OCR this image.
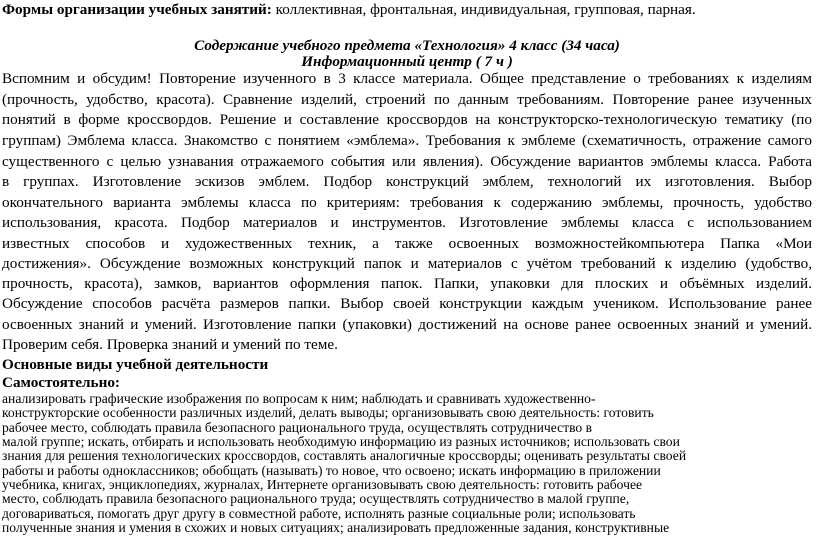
Формы организации учебных занятий: коллективная, фронтальная, индивидуальная, групповая, парная.
Содержание учебного предмета «Технология» 4 класс (34 часа)
Информационный центр ( 7 ч )
Вспомним и обсудим! Повторение изученного в 3 классе материала. Общее представление о требованиях к изделиям
(прочность, удобство, красота). Сравнение изделий, строений по данным требованиям. Повторение ранее изученных
понятий в форме кроссвордов. Решение и составление кроссвордов на конструкторско-технологическую тематику (по
группам) Эмблема класса. Знакомство с понятием «эмблема». Требования к эмблеме (схематичность, отражение самого
существенного с целью узнавания отражаемого события или явления). Обсуждение вариантов эмблемы класса. Работа
в группах. Изготовление эскизов эмблем. Подбор конструкций эмблем, технологий их изготовления. Выбор
окончательного варианта эмблемы класса по критериям: требования к содержанию эмблемы, прочность, удобство
использования, красота. Подбор материалов и инструментов. Изготовление эмблемы класса с использованием
известных способов и художественных техник, а также освоенных возможностейкомпьютера Папка «Мои
достижения». Обсуждение возможных конструкций папок и материалов с учётом требований к изделию (удобство,
прочность, красота), замков, вариантов оформления папок. Папки, упаковки для плоских и объёмных изделий.
Обсуждение способов расчёта размеров папки. Выбор своей конструкции каждым учеником. Использование ранее
освоенных знаний и умений. Изготовление папки (упаковки) достижений на основе ранее освоенных знаний и умений.
Проверим себя. Проверка знаний и умений по теме.
Основные виды учебной деятельности
Самостоятельно:
анализировать графические изображения по вопросам к ним; наблюдать и сравнивать художественно-
конструкторские особенности различных изделий, делать выводы; организовывать свою деятельность: готовить
рабочее место, соблюдать правила безопасного рационального труда, осуществлять сотрудничество в
малой группе; искать, отбирать и использовать необходимую информацию из разных источников; использовать свои
знания для решения технологических кроссвордов, составлять аналогичные кроссворды; оценивать результаты своей
работы и работы одноклассников; обобщать (называть) то новое, что освоено; искать информацию в приложении
учебника, книгах, энциклопедиях, журналах, Интернете организовывать свою деятельность: готовить рабочее
место, соблюдать правила безопасного рационального труда; осуществлять сотрудничество в малой группе,
договариваться, помогать друг другу в совместной работе, исполнять разные социальные роли; использовать
полученные знания и умения в схожих и новых ситуациях; анализировать предложенные задания, конструктивные
